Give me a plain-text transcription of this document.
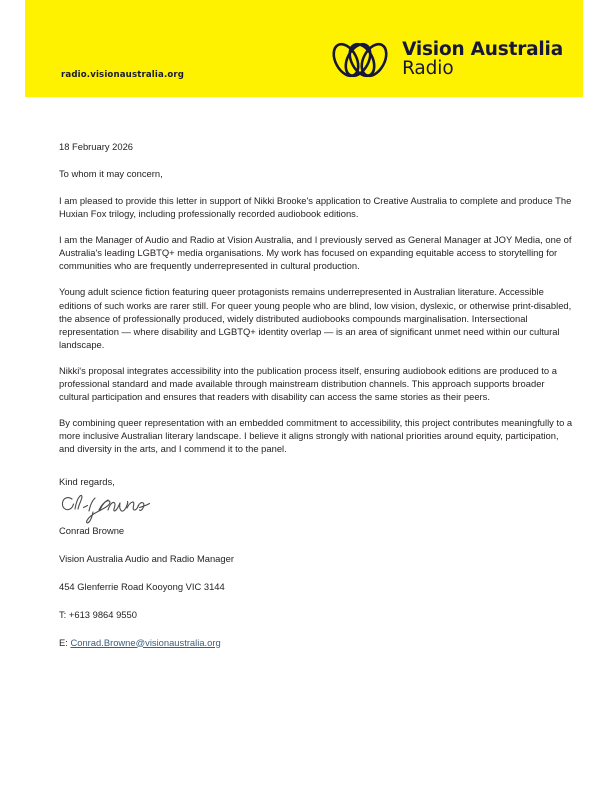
radio.visionaustralia.org
Vision Australia
Radio

18 February 2026

To whom it may concern,

I am pleased to provide this letter in support of Nikki Brooke's application to Creative Australia to complete and produce The Huxian Fox trilogy, including professionally recorded audiobook editions.

I am the Manager of Audio and Radio at Vision Australia, and I previously served as General Manager at JOY Media, one of Australia's leading LGBTQ+ media organisations. My work has focused on expanding equitable access to storytelling for communities who are frequently underrepresented in cultural production.

Young adult science fiction featuring queer protagonists remains underrepresented in Australian literature. Accessible editions of such works are rarer still. For queer young people who are blind, low vision, dyslexic, or otherwise print-disabled, the absence of professionally produced, widely distributed audiobooks compounds marginalisation. Intersectional representation — where disability and LGBTQ+ identity overlap — is an area of significant unmet need within our cultural landscape.

Nikki's proposal integrates accessibility into the publication process itself, ensuring audiobook editions are produced to a professional standard and made available through mainstream distribution channels. This approach supports broader cultural participation and ensures that readers with disability can access the same stories as their peers.

By combining queer representation with an embedded commitment to accessibility, this project contributes meaningfully to a more inclusive Australian literary landscape. I believe it aligns strongly with national priorities around equity, participation, and diversity in the arts, and I commend it to the panel.

Kind regards,

Conrad Browne

Vision Australia Audio and Radio Manager

454 Glenferrie Road Kooyong VIC 3144

T: +613 9864 9550

E: Conrad.Browne@visionaustralia.org
